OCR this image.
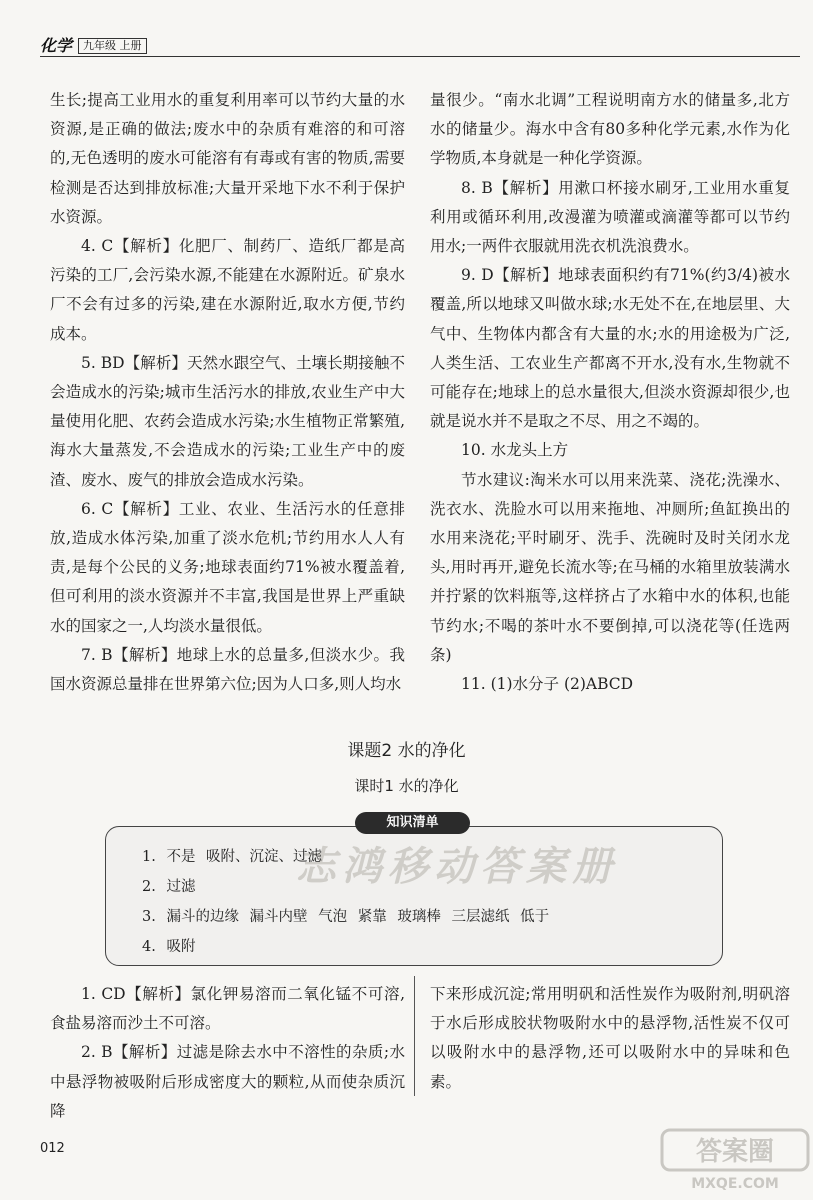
化学 九年级 上册

生长;提高工业用水的重复利用率可以节约大量的水资源,是正确的做法;废水中的杂质有难溶的和可溶的,无色透明的废水可能溶有有毒或有害的物质,需要检测是否达到排放标准;大量开采地下水不利于保护水资源。

4. C【解析】化肥厂、制药厂、造纸厂都是高污染的工厂,会污染水源,不能建在水源附近。矿泉水厂不会有过多的污染,建在水源附近,取水方便,节约成本。

5. BD【解析】天然水跟空气、土壤长期接触不会造成水的污染;城市生活污水的排放,农业生产中大量使用化肥、农药会造成水污染;水生植物正常繁殖,海水大量蒸发,不会造成水的污染;工业生产中的废渣、废水、废气的排放会造成水污染。

6. C【解析】工业、农业、生活污水的任意排放,造成水体污染,加重了淡水危机;节约用水人人有责,是每个公民的义务;地球表面约71%被水覆盖着,但可利用的淡水资源并不丰富,我国是世界上严重缺水的国家之一,人均淡水量很低。

7. B【解析】地球上水的总量多,但淡水少。我国水资源总量排在世界第六位;因为人口多,则人均水

量很少。“南水北调”工程说明南方水的储量多,北方水的储量少。海水中含有80多种化学元素,水作为化学物质,本身就是一种化学资源。

8. B【解析】用漱口杯接水刷牙,工业用水重复利用或循环利用,改漫灌为喷灌或滴灌等都可以节约用水;一两件衣服就用洗衣机洗浪费水。

9. D【解析】地球表面积约有71%(约3/4)被水覆盖,所以地球又叫做水球;水无处不在,在地层里、大气中、生物体内都含有大量的水;水的用途极为广泛,人类生活、工农业生产都离不开水,没有水,生物就不可能存在;地球上的总水量很大,但淡水资源却很少,也就是说水并不是取之不尽、用之不竭的。

10. 水龙头上方

节水建议:淘米水可以用来洗菜、浇花;洗澡水、洗衣水、洗脸水可以用来拖地、冲厕所;鱼缸换出的水用来浇花;平时刷牙、洗手、洗碗时及时关闭水龙头,用时再开,避免长流水等;在马桶的水箱里放装满水并拧紧的饮料瓶等,这样挤占了水箱中水的体积,也能节约水;不喝的茶叶水不要倒掉,可以浇花等(任选两条)

11. (1)水分子 (2)ABCD

课题2 水的净化
课时1 水的净化
知识清单
志鸿移动答案册
1. 不是 吸附、沉淀、过滤
2. 过滤
3. 漏斗的边缘 漏斗内壁 气泡 紧靠 玻璃棒 三层滤纸 低于
4. 吸附

1. CD【解析】氯化钾易溶而二氧化锰不可溶,食盐易溶而沙土不可溶。

2. B【解析】过滤是除去水中不溶性的杂质;水中悬浮物被吸附后形成密度大的颗粒,从而使杂质沉降

下来形成沉淀;常用明矾和活性炭作为吸附剂,明矾溶于水后形成胶状物吸附水中的悬浮物,活性炭不仅可以吸附水中的悬浮物,还可以吸附水中的异味和色素。

012	答案圈
MXQE.COM
